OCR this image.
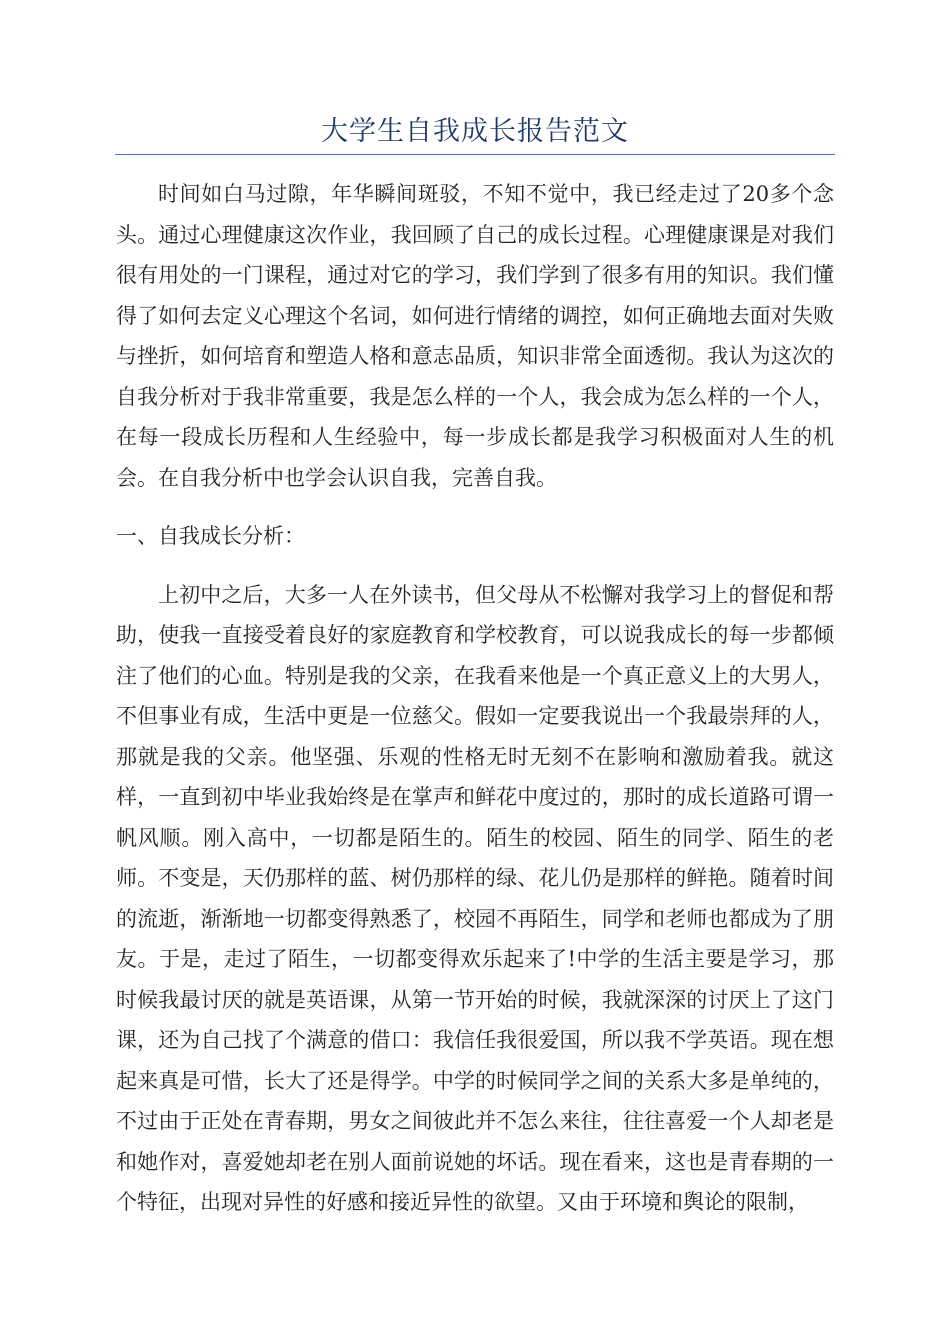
大学生自我成长报告范文

时间如白马过隙，年华瞬间斑驳，不知不觉中，我已经走过了20多个念头。通过心理健康这次作业，我回顾了自己的成长过程。心理健康课是对我们很有用处的一门课程，通过对它的学习，我们学到了很多有用的知识。我们懂得了如何去定义心理这个名词，如何进行情绪的调控，如何正确地去面对失败与挫折，如何培育和塑造人格和意志品质，知识非常全面透彻。我认为这次的自我分析对于我非常重要，我是怎么样的一个人，我会成为怎么样的一个人，在每一段成长历程和人生经验中，每一步成长都是我学习积极面对人生的机会。在自我分析中也学会认识自我，完善自我。

一、自我成长分析：

上初中之后，大多一人在外读书，但父母从不松懈对我学习上的督促和帮助，使我一直接受着良好的家庭教育和学校教育，可以说我成长的每一步都倾注了他们的心血。特别是我的父亲，在我看来他是一个真正意义上的大男人，不但事业有成，生活中更是一位慈父。假如一定要我说出一个我最崇拜的人，那就是我的父亲。他坚强、乐观的性格无时无刻不在影响和激励着我。就这样，一直到初中毕业我始终是在掌声和鲜花中度过的，那时的成长道路可谓一帆风顺。刚入高中，一切都是陌生的。陌生的校园、陌生的同学、陌生的老师。不变是，天仍那样的蓝、树仍那样的绿、花儿仍是那样的鲜艳。随着时间的流逝，渐渐地一切都变得熟悉了，校园不再陌生，同学和老师也都成为了朋友。于是，走过了陌生，一切都变得欢乐起来了!中学的生活主要是学习，那时候我最讨厌的就是英语课，从第一节开始的时候，我就深深的讨厌上了这门课，还为自己找了个满意的借口：我信任我很爱国，所以我不学英语。现在想起来真是可惜，长大了还是得学。中学的时候同学之间的关系大多是单纯的，不过由于正处在青春期，男女之间彼此并不怎么来往，往往喜爱一个人却老是和她作对，喜爱她却老在别人面前说她的坏话。现在看来，这也是青春期的一个特征，出现对异性的好感和接近异性的欲望。又由于环境和舆论的限制，
